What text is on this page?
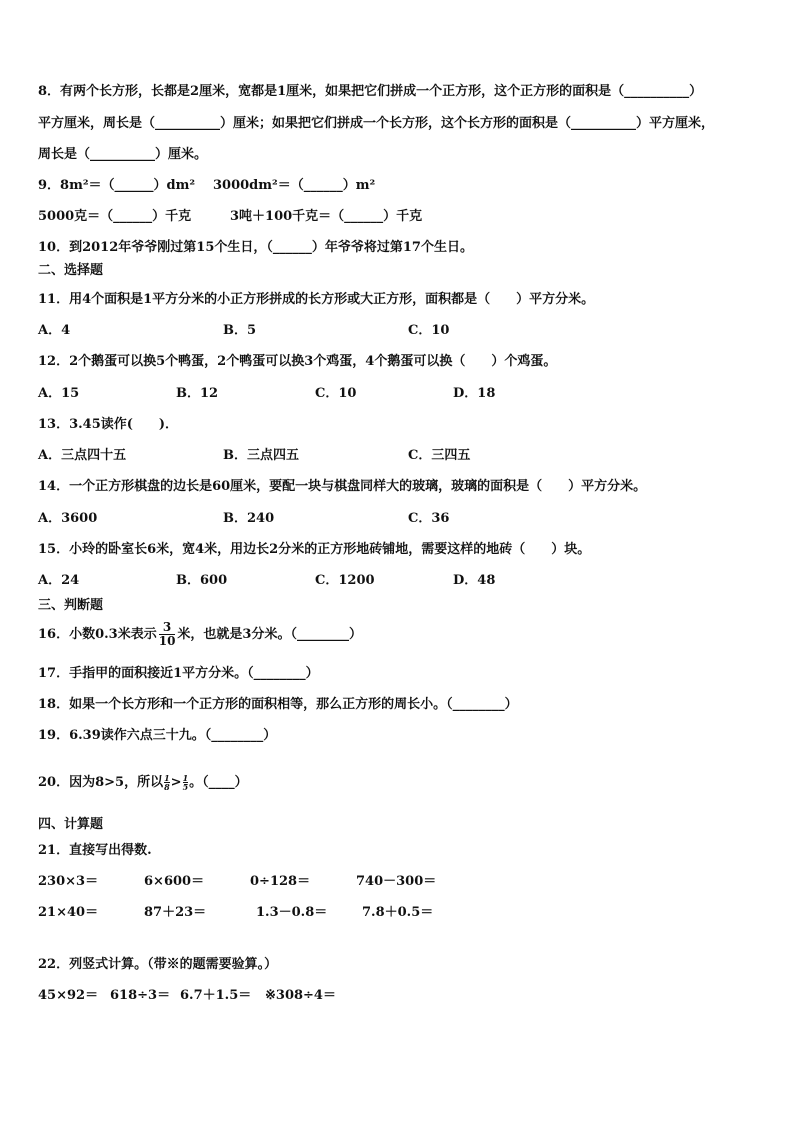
8．有两个长方形，长都是2厘米，宽都是1厘米，如果把它们拼成一个正方形，这个正方形的面积是（__________）
平方厘米，周长是（__________）厘米；如果把它们拼成一个长方形，这个长方形的面积是（__________）平方厘米，
周长是（__________）厘米。
9．8m²＝（______）dm² 3000dm²＝（______）m²
5000克＝（______）千克	3吨＋100千克＝（______）千克
10．到2012年爷爷刚过第15个生日，（______）年爷爷将过第17个生日。
二、选择题
11．用4个面积是1平方分米的小正方形拼成的长方形或大正方形，面积都是（　　）平方分米。
A．4	B．5	C．10
12．2个鹅蛋可以换5个鸭蛋，2个鸭蛋可以换3个鸡蛋，4个鹅蛋可以换（　　）个鸡蛋。
A．15	B．12	C．10	D．18
13．3.45读作(　　)．
A．三点四十五	B．三点四五	C．三四五
14．一个正方形棋盘的边长是60厘米，要配一块与棋盘同样大的玻璃，玻璃的面积是（　　）平方分米。
A．3600	B．240	C．36
15．小玲的卧室长6米，宽4米，用边长2分米的正方形地砖铺地，需要这样的地砖（　　）块。
A．24	B．600	C．1200	D．48
三、判断题
16．小数0.3米表示 $\frac{3}{10}$ 米，也就是3分米。（________）
17．手指甲的面积接近1平方分米。（________）
18．如果一个长方形和一个正方形的面积相等，那么正方形的周长小。（________）
19．6.39读作六点三十九。（________）
20．因为8>5，所以 $\frac{1}{8} > \frac{1}{5}$ 。（____）
四、计算题
21．直接写出得数.
230×3＝	6×600＝	0÷128＝	740－300＝
21×40＝	87＋23＝	1.3－0.8＝	7.8＋0.5＝
22．列竖式计算。（带※的题需要验算。）
45×92＝ 618÷3＝ 6.7＋1.5＝ ※308÷4＝
